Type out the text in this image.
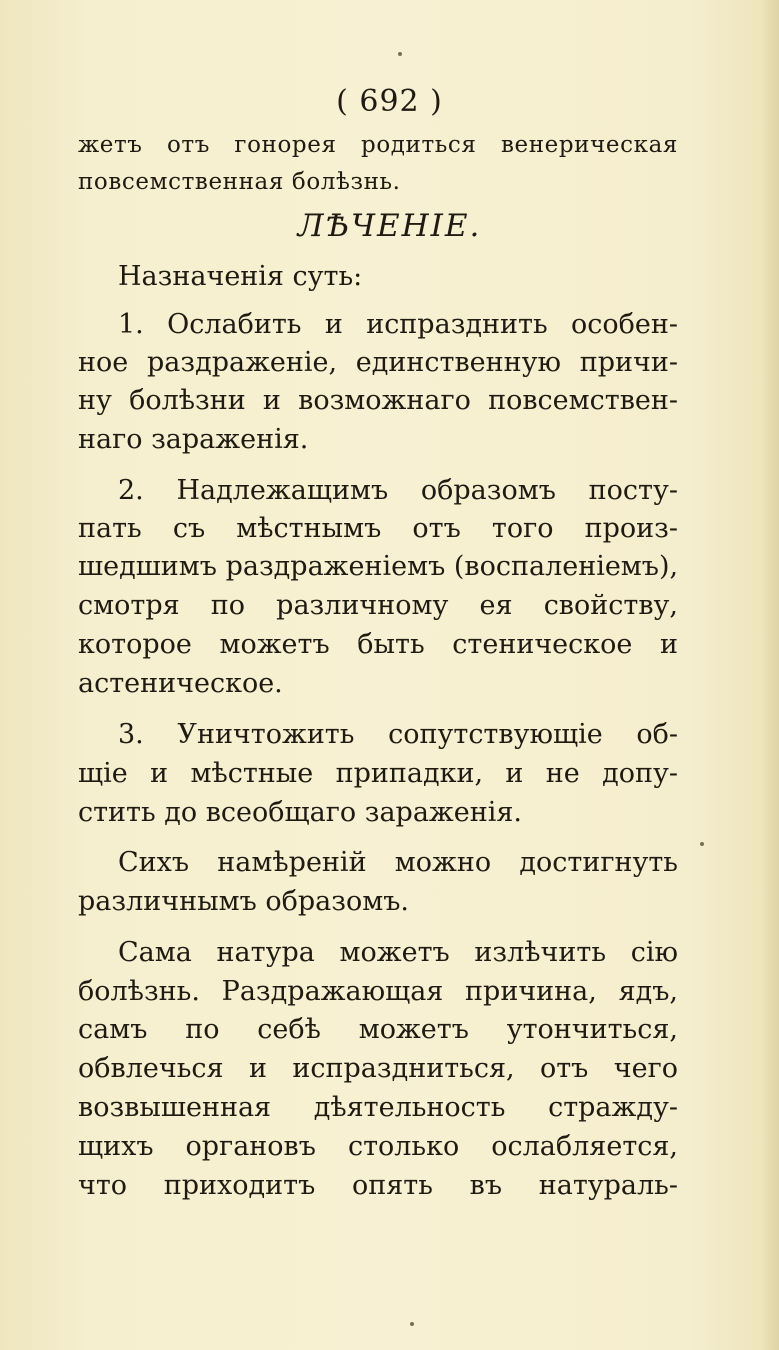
( 692 )
жетъ отъ гонорея родиться венерическая
повсемственная болѣзнь.
ЛѢЧЕНІЕ.
Назначенія суть:
1. Ослабить и испразднить особен-
ное раздраженіе, единственную причи-
ну болѣзни и возможнаго повсемствен-
наго зараженія.
2. Надлежащимъ образомъ посту-
пать съ мѣстнымъ отъ того произ-
шедшимъ раздраженіемъ (воспаленіемъ),
смотря по различному ея свойству,
которое можетъ быть стеническое и
астеническое.
3. Уничтожить сопутствующіе об-
щіе и мѣстные припадки, и не допу-
стить до всеобщаго зараженія.
Сихъ намѣреній можно достигнуть
различнымъ образомъ.
Сама натура можетъ излѣчить сію
болѣзнь. Раздражающая причина, ядъ,
самъ по себѣ можетъ утончиться,
обвлечься и испраздниться, отъ чего
возвышенная дѣятельность стражду-
щихъ органовъ столько ослабляется,
что приходитъ опять въ натураль-
